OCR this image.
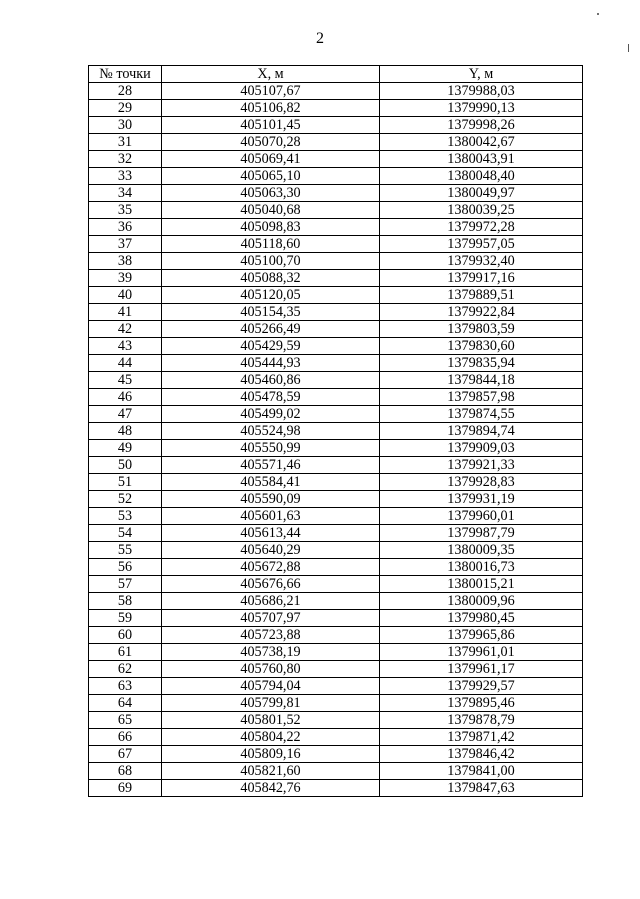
2
№ точки	X, м	Y, м
28	405107,67	1379988,03
29	405106,82	1379990,13
30	405101,45	1379998,26
31	405070,28	1380042,67
32	405069,41	1380043,91
33	405065,10	1380048,40
34	405063,30	1380049,97
35	405040,68	1380039,25
36	405098,83	1379972,28
37	405118,60	1379957,05
38	405100,70	1379932,40
39	405088,32	1379917,16
40	405120,05	1379889,51
41	405154,35	1379922,84
42	405266,49	1379803,59
43	405429,59	1379830,60
44	405444,93	1379835,94
45	405460,86	1379844,18
46	405478,59	1379857,98
47	405499,02	1379874,55
48	405524,98	1379894,74
49	405550,99	1379909,03
50	405571,46	1379921,33
51	405584,41	1379928,83
52	405590,09	1379931,19
53	405601,63	1379960,01
54	405613,44	1379987,79
55	405640,29	1380009,35
56	405672,88	1380016,73
57	405676,66	1380015,21
58	405686,21	1380009,96
59	405707,97	1379980,45
60	405723,88	1379965,86
61	405738,19	1379961,01
62	405760,80	1379961,17
63	405794,04	1379929,57
64	405799,81	1379895,46
65	405801,52	1379878,79
66	405804,22	1379871,42
67	405809,16	1379846,42
68	405821,60	1379841,00
69	405842,76	1379847,63
